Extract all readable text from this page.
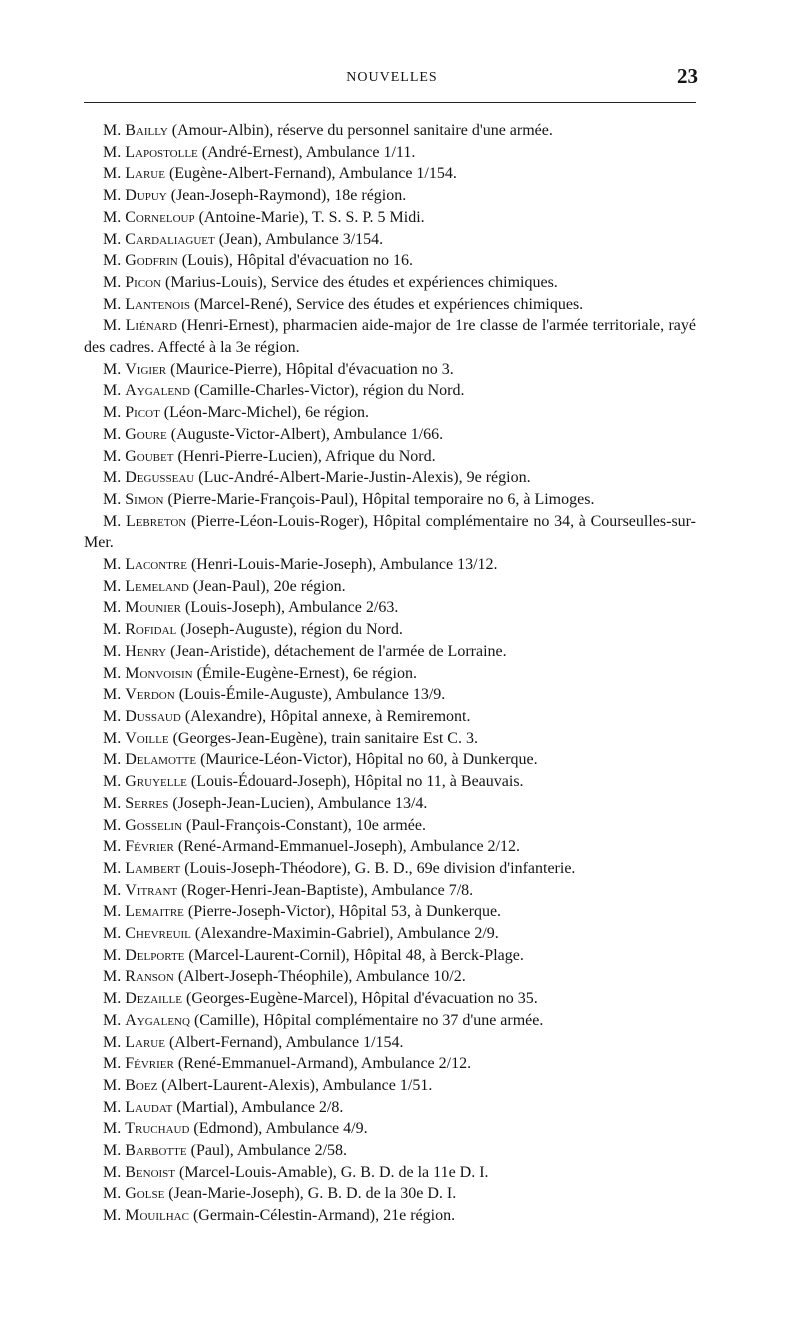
NOUVELLES	23

M. Bailly (Amour-Albin), réserve du personnel sanitaire d'une armée.

M. Lapostolle (André-Ernest), Ambulance 1/11.

M. Larue (Eugène-Albert-Fernand), Ambulance 1/154.

M. Dupuy (Jean-Joseph-Raymond), 18e région.

M. Corneloup (Antoine-Marie), T. S. S. P. 5 Midi.

M. Cardaliaguet (Jean), Ambulance 3/154.

M. Godfrin (Louis), Hôpital d'évacuation no 16.

M. Picon (Marius-Louis), Service des études et expériences chimiques.

M. Lantenois (Marcel-René), Service des études et expériences chimiques.

M. Liénard (Henri-Ernest), pharmacien aide-major de 1re classe de l'armée territoriale, rayé des cadres. Affecté à la 3e région.

M. Vigier (Maurice-Pierre), Hôpital d'évacuation no 3.

M. Aygalend (Camille-Charles-Victor), région du Nord.

M. Picot (Léon-Marc-Michel), 6e région.

M. Goure (Auguste-Victor-Albert), Ambulance 1/66.

M. Goubet (Henri-Pierre-Lucien), Afrique du Nord.

M. Degusseau (Luc-André-Albert-Marie-Justin-Alexis), 9e région.

M. Simon (Pierre-Marie-François-Paul), Hôpital temporaire no 6, à Limoges.

M. Lebreton (Pierre-Léon-Louis-Roger), Hôpital complémentaire no 34, à Courseulles-sur-Mer.

M. Lacontre (Henri-Louis-Marie-Joseph), Ambulance 13/12.

M. Lemeland (Jean-Paul), 20e région.

M. Mounier (Louis-Joseph), Ambulance 2/63.

M. Rofidal (Joseph-Auguste), région du Nord.

M. Henry (Jean-Aristide), détachement de l'armée de Lorraine.

M. Monvoisin (Émile-Eugène-Ernest), 6e région.

M. Verdon (Louis-Émile-Auguste), Ambulance 13/9.

M. Dussaud (Alexandre), Hôpital annexe, à Remiremont.

M. Voille (Georges-Jean-Eugène), train sanitaire Est C. 3.

M. Delamotte (Maurice-Léon-Victor), Hôpital no 60, à Dunkerque.

M. Gruyelle (Louis-Édouard-Joseph), Hôpital no 11, à Beauvais.

M. Serres (Joseph-Jean-Lucien), Ambulance 13/4.

M. Gosselin (Paul-François-Constant), 10e armée.

M. Février (René-Armand-Emmanuel-Joseph), Ambulance 2/12.

M. Lambert (Louis-Joseph-Théodore), G. B. D., 69e division d'infanterie.

M. Vitrant (Roger-Henri-Jean-Baptiste), Ambulance 7/8.

M. Lemaitre (Pierre-Joseph-Victor), Hôpital 53, à Dunkerque.

M. Chevreuil (Alexandre-Maximin-Gabriel), Ambulance 2/9.

M. Delporte (Marcel-Laurent-Cornil), Hôpital 48, à Berck-Plage.

M. Ranson (Albert-Joseph-Théophile), Ambulance 10/2.

M. Dezaille (Georges-Eugène-Marcel), Hôpital d'évacuation no 35.

M. Aygalenq (Camille), Hôpital complémentaire no 37 d'une armée.

M. Larue (Albert-Fernand), Ambulance 1/154.

M. Février (René-Emmanuel-Armand), Ambulance 2/12.

M. Boez (Albert-Laurent-Alexis), Ambulance 1/51.

M. Laudat (Martial), Ambulance 2/8.

M. Truchaud (Edmond), Ambulance 4/9.

M. Barbotte (Paul), Ambulance 2/58.

M. Benoist (Marcel-Louis-Amable), G. B. D. de la 11e D. I.

M. Golse (Jean-Marie-Joseph), G. B. D. de la 30e D. I.

M. Mouilhac (Germain-Célestin-Armand), 21e région.
